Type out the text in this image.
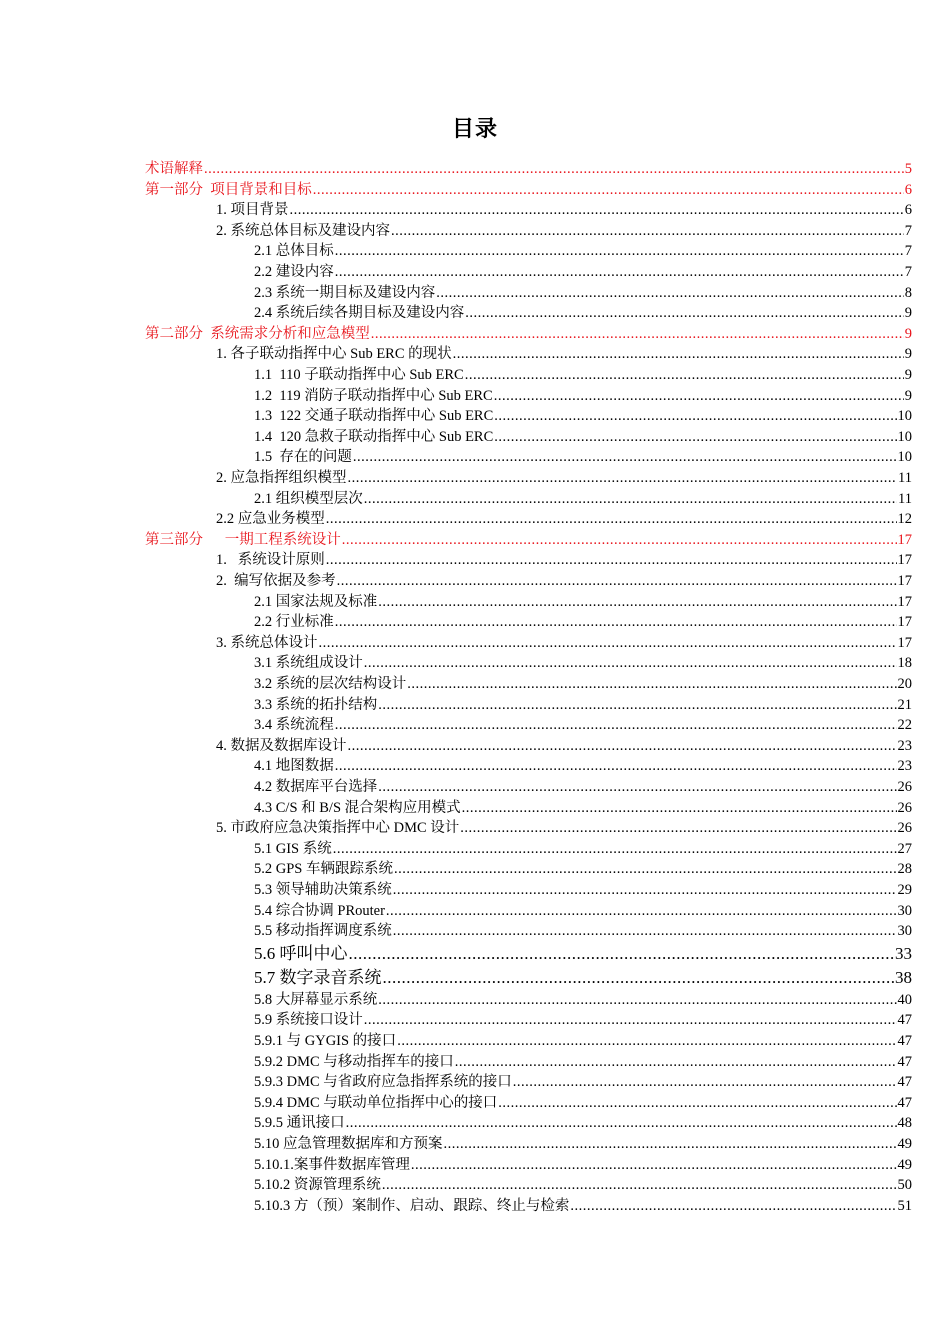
目录
术语解释 .....	5
第一部分  项目背景和目标 .....	6
1. 项目背景 .....	6
2. 系统总体目标及建设内容 .....	7
2.1 总体目标 .....	7
2.2 建设内容 .....	7
2.3 系统一期目标及建设内容 .....	8
2.4 系统后续各期目标及建设内容 .....	9
第二部分  系统需求分析和应急模型 .....	9
1. 各子联动指挥中心 Sub ERC 的现状 .....	9
1.1  110 子联动指挥中心 Sub ERC .....	9
1.2  119 消防子联动指挥中心 Sub ERC .....	9
1.3  122 交通子联动指挥中心 Sub ERC .....	10
1.4  120 急救子联动指挥中心 Sub ERC .....	10
1.5  存在的问题 .....	10
2. 应急指挥组织模型 .....	11
2.1 组织模型层次 .....	11
2.2 应急业务模型 .....	12
第三部分      一期工程系统设计 .....	17
1.   系统设计原则 .....	17
2.  编写依据及参考 .....	17
2.1 国家法规及标准 .....	17
2.2 行业标准 .....	17
3. 系统总体设计 .....	17
3.1 系统组成设计 .....	18
3.2 系统的层次结构设计 .....	20
3.3 系统的拓扑结构 .....	21
3.4 系统流程 .....	22
4. 数据及数据库设计 .....	23
4.1 地图数据 .....	23
4.2 数据库平台选择 .....	26
4.3 C/S 和 B/S 混合架构应用模式 .....	26
5. 市政府应急决策指挥中心 DMC 设计 .....	26
5.1 GIS 系统 .....	27
5.2 GPS 车辆跟踪系统 .....	28
5.3 领导辅助决策系统 .....	29
5.4 综合协调 PRouter .....	30
5.5 移动指挥调度系统 .....	30
5.6 呼叫中心 .....	33
5.7 数字录音系统 .....	38
5.8 大屏幕显示系统 .....	40
5.9 系统接口设计 .....	47
5.9.1 与 GYGIS 的接口 .....	47
5.9.2 DMC 与移动指挥车的接口 .....	47
5.9.3 DMC 与省政府应急指挥系统的接口 .....	47
5.9.4 DMC 与联动单位指挥中心的接口 .....	47
5.9.5 通讯接口 .....	48
5.10 应急管理数据库和方预案 .....	49
5.10.1.案事件数据库管理 .....	49
5.10.2 资源管理系统 .....	50
5.10.3 方（预）案制作、启动、跟踪、终止与检索 .....	51
